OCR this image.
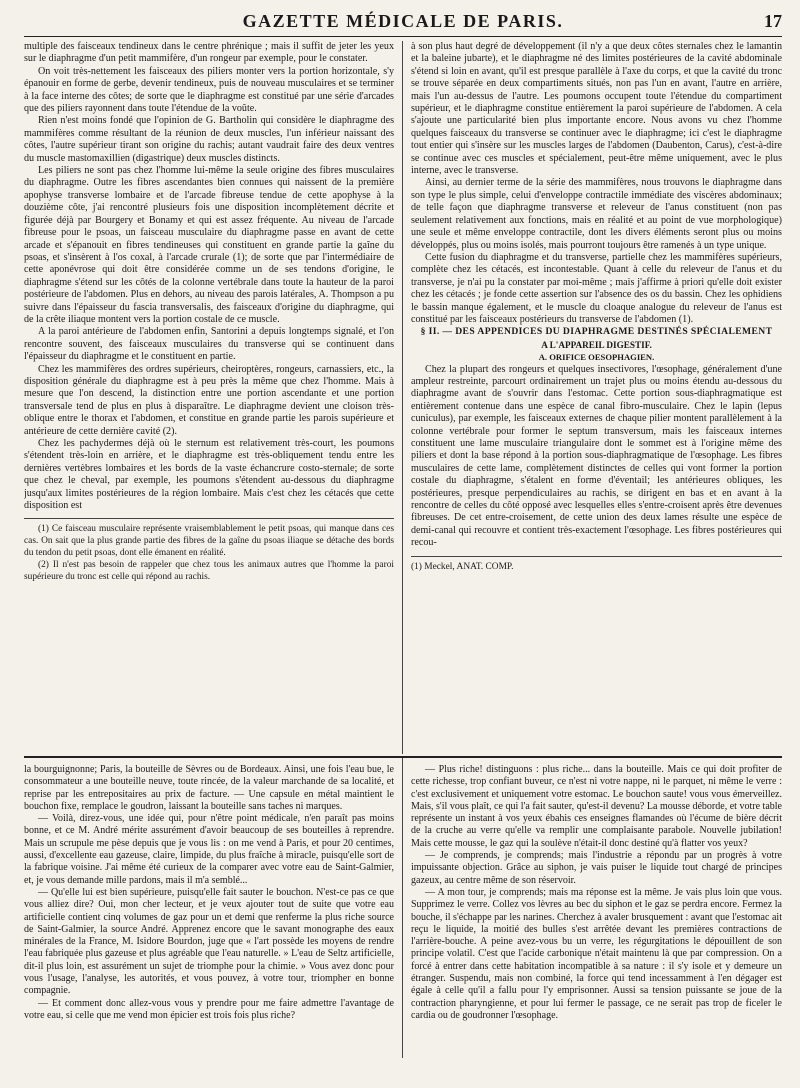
GAZETTE MÉDICALE DE PARIS.	17

multiple des faisceaux tendineux dans le centre phrénique ; mais il suffit de jeter les yeux sur le diaphragme d'un petit mammifère, d'un rongeur par exemple, pour le constater.

On voit très-nettement les faisceaux des piliers monter vers la portion horizontale, s'y épanouir en forme de gerbe, devenir tendineux, puis de nouveau musculaires et se terminer à la face interne des côtes; de sorte que le diaphragme est constitué par une série d'arcades que des piliers rayonnent dans toute l'étendue de la voûte.

Rien n'est moins fondé que l'opinion de G. Bartholin qui considère le diaphragme des mammifères comme résultant de la réunion de deux muscles, l'un inférieur naissant des côtes, l'autre supérieur tirant son origine du rachis; autant vaudrait faire des deux ventres du muscle mastomaxillien (digastrique) deux muscles distincts.

Les piliers ne sont pas chez l'homme lui-même la seule origine des fibres musculaires du diaphragme. Outre les fibres ascendantes bien connues qui naissent de la première apophyse transverse lombaire et de l'arcade fibreuse tendue de cette apophyse à la douzième côte, j'ai rencontré plusieurs fois une disposition incomplètement décrite et figurée déjà par Bourgery et Bonamy et qui est assez fréquente. Au niveau de l'arcade fibreuse pour le psoas, un faisceau musculaire du diaphragme passe en avant de cette arcade et s'épanouit en fibres tendineuses qui constituent en grande partie la gaîne du psoas, et s'insèrent à l'os coxal, à l'arcade crurale (1); de sorte que par l'intermédiaire de cette aponévrose qui doit être considérée comme un de ses tendons d'origine, le diaphragme s'étend sur les côtés de la colonne vertébrale dans toute la hauteur de la paroi postérieure de l'abdomen. Plus en dehors, au niveau des parois latérales, A. Thompson a pu suivre dans l'épaisseur du fascia transversalis, des faisceaux d'origine du diaphragme, qui de la crête iliaque montent vers la portion costale de ce muscle.

A la paroi antérieure de l'abdomen enfin, Santorini a depuis longtemps signalé, et l'on rencontre souvent, des faisceaux musculaires du transverse qui se continuent dans l'épaisseur du diaphragme et le constituent en partie.

Chez les mammifères des ordres supérieurs, cheiroptères, rongeurs, carnassiers, etc., la disposition générale du diaphragme est à peu près la même que chez l'homme. Mais à mesure que l'on descend, la distinction entre une portion ascendante et une portion transversale tend de plus en plus à disparaître. Le diaphragme devient une cloison très-oblique entre le thorax et l'abdomen, et constitue en grande partie les parois supérieure et antérieure de cette dernière cavité (2).

Chez les pachydermes déjà où le sternum est relativement très-court, les poumons s'étendent très-loin en arrière, et le diaphragme est très-obliquement tendu entre les dernières vertèbres lombaires et les bords de la vaste échancrure costo-sternale; de sorte que chez le cheval, par exemple, les poumons s'étendent au-dessous du diaphragme jusqu'aux limites postérieures de la région lombaire. Mais c'est chez les cétacés que cette disposition est

(1) Ce faisceau musculaire représente vraisemblablement le petit psoas, qui manque dans ces cas. On sait que la plus grande partie des fibres de la gaîne du psoas iliaque se détache des bords du tendon du petit psoas, dont elle émanent en réalité.

(2) Il n'est pas besoin de rappeler que chez tous les animaux autres que l'homme la paroi supérieure du tronc est celle qui répond au rachis.

à son plus haut degré de développement (il n'y a que deux côtes sternales chez le lamantin et la baleine jubarte), et le diaphragme né des limites postérieures de la cavité abdominale s'étend si loin en avant, qu'il est presque parallèle à l'axe du corps, et que la cavité du tronc se trouve séparée en deux compartiments situés, non pas l'un en avant, l'autre en arrière, mais l'un au-dessus de l'autre. Les poumons occupent toute l'étendue du compartiment supérieur, et le diaphragme constitue entièrement la paroi supérieure de l'abdomen. A cela s'ajoute une particularité bien plus importante encore. Nous avons vu chez l'homme quelques faisceaux du transverse se continuer avec le diaphragme; ici c'est le diaphragme tout entier qui s'insère sur les muscles larges de l'abdomen (Daubenton, Carus), c'est-à-dire se continue avec ces muscles et spécialement, peut-être même uniquement, avec le plus interne, avec le transverse.

Ainsi, au dernier terme de la série des mammifères, nous trouvons le diaphragme dans son type le plus simple, celui d'enveloppe contractile immédiate des viscères abdominaux; de telle façon que diaphragme transverse et releveur de l'anus constituent (non pas seulement relativement aux fonctions, mais en réalité et au point de vue morphologique) une seule et même enveloppe contractile, dont les divers éléments seront plus ou moins développés, plus ou moins isolés, mais pourront toujours être ramenés à un type unique.

Cette fusion du diaphragme et du transverse, partielle chez les mammifères supérieurs, complète chez les cétacés, est incontestable. Quant à celle du releveur de l'anus et du transverse, je n'ai pu la constater par moi-même ; mais j'affirme à priori qu'elle doit exister chez les cétacés ; je fonde cette assertion sur l'absence des os du bassin. Chez les ophidiens le bassin manque également, et le muscle du cloaque analogue du releveur de l'anus est constitué par les faisceaux postérieurs du transverse de l'abdomen (1).

§ II. — DES APPENDICES DU DIAPHRAGME DESTINÉS SPÉCIALEMENT

A L'APPAREIL DIGESTIF.

A. ORIFICE OESOPHAGIEN.

Chez la plupart des rongeurs et quelques insectivores, l'œsophage, généralement d'une ampleur restreinte, parcourt ordinairement un trajet plus ou moins étendu au-dessous du diaphragme avant de s'ouvrir dans l'estomac. Cette portion sous-diaphragmatique est entièrement contenue dans une espèce de canal fibro-musculaire. Chez le lapin (lepus cuniculus), par exemple, les faisceaux externes de chaque pilier montent parallèlement à la colonne vertébrale pour former le septum transversum, mais les faisceaux internes constituent une lame musculaire triangulaire dont le sommet est à l'origine même des piliers et dont la base répond à la portion sous-diaphragmatique de l'œsophage. Les fibres musculaires de cette lame, complètement distinctes de celles qui vont former la portion costale du diaphragme, s'étalent en forme d'éventail; les antérieures obliques, les postérieures, presque perpendiculaires au rachis, se dirigent en bas et en avant à la rencontre de celles du côté opposé avec lesquelles elles s'entre-croisent après être devenues fibreuses. De cet entre-croisement, de cette union des deux lames résulte une espèce de demi-canal qui recouvre et contient très-exactement l'œsophage. Les fibres postérieures qui recou-

(1) Meckel, ANAT. COMP.

la bourguignonne; Paris, la bouteille de Sèvres ou de Bordeaux. Ainsi, une fois l'eau bue, le consommateur a une bouteille neuve, toute rincée, de la valeur marchande de sa localité, et reprise par les entrepositaires au prix de facture. — Une capsule en métal maintient le bouchon fixe, remplace le goudron, laissant la bouteille sans taches ni marques.

— Voilà, direz-vous, une idée qui, pour n'être point médicale, n'en paraît pas moins bonne, et ce M. André mérite assurément d'avoir beaucoup de ses bouteilles à reprendre. Mais un scrupule me pèse depuis que je vous lis : on me vend à Paris, et pour 20 centimes, aussi, d'excellente eau gazeuse, claire, limpide, du plus fraîche à miracle, puisqu'elle sort de la fabrique voisine. J'ai même été curieux de la comparer avec votre eau de Saint-Galmier, et, je vous demande mille pardons, mais il m'a semblé...

— Qu'elle lui est bien supérieure, puisqu'elle fait sauter le bouchon. N'est-ce pas ce que vous alliez dire? Oui, mon cher lecteur, et je veux ajouter tout de suite que votre eau artificielle contient cinq volumes de gaz pour un et demi que renferme la plus riche source de Saint-Galmier, la source André. Apprenez encore que le savant monographe des eaux minérales de la France, M. Isidore Bourdon, juge que « l'art possède les moyens de rendre l'eau fabriquée plus gazeuse et plus agréable que l'eau naturelle. » L'eau de Seltz artificielle, dit-il plus loin, est assurément un sujet de triomphe pour la chimie. » Vous avez donc pour vous l'usage, l'analyse, les autorités, et vous pouvez, à votre tour, triompher en bonne compagnie.

— Et comment donc allez-vous vous y prendre pour me faire admettre l'avantage de votre eau, si celle que me vend mon épicier est trois fois plus riche?

— Plus riche! distinguons : plus riche... dans la bouteille. Mais ce qui doit profiter de cette richesse, trop confiant buveur, ce n'est ni votre nappe, ni le parquet, ni même le verre : c'est exclusivement et uniquement votre estomac. Le bouchon saute! vous vous émerveillez. Mais, s'il vous plaît, ce qui l'a fait sauter, qu'est-il devenu? La mousse déborde, et votre table représente un instant à vos yeux ébahis ces enseignes flamandes où l'écume de bière décrit de la cruche au verre qu'elle va remplir une complaisante parabole. Nouvelle jubilation! Mais cette mousse, le gaz qui la soulève n'était-il donc destiné qu'à flatter vos yeux?

— Je comprends, je comprends; mais l'industrie a répondu par un progrès à votre impuissante objection. Grâce au siphon, je vais puiser le liquide tout chargé de principes gazeux, au centre même de son réservoir.

— A mon tour, je comprends; mais ma réponse est la même. Je vais plus loin que vous. Supprimez le verre. Collez vos lèvres au bec du siphon et le gaz se perdra encore. Fermez la bouche, il s'échappe par les narines. Cherchez à avaler brusquement : avant que l'estomac ait reçu le liquide, la moitié des bulles s'est arrêtée devant les premières contractions de l'arrière-bouche. A peine avez-vous bu un verre, les régurgitations le dépouillent de son principe volatil. C'est que l'acide carbonique n'était maintenu là que par compression. On a forcé à entrer dans cette habitation incompatible à sa nature : il s'y isole et y demeure un étranger. Suspendu, mais non combiné, la force qui tend incessamment à l'en dégager est égale à celle qu'il a fallu pour l'y emprisonner. Aussi sa tension puissante se joue de la contraction pharyngienne, et pour lui fermer le passage, ce ne serait pas trop de ficeler le cardia ou de goudronner l'œsophage.
